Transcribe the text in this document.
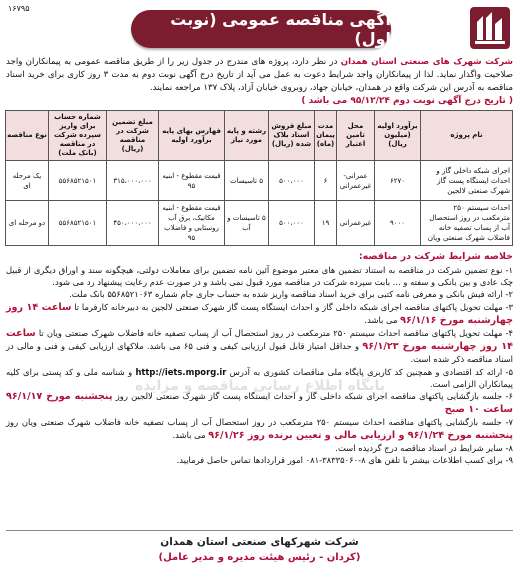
۱۶۷۹۵
آگهی مناقصه عمومی (نوبت اول)

شرکت شهرک های صنعتی استان همدان در نظر دارد، پروژه های مندرج در جدول زیر را از طریق مناقصه عمومی به پیمانکاران واجد صلاحیت واگذار نماید. لذا از پیمانکاران واجد شرایط دعوت به عمل می آید از تاریخ درج آگهی نوبت دوم به مدت ۳ روز کاری برای خرید اسناد مناقصه به آدرس این شرکت واقع در همدان، خیابان جهاد، روبروی خیابان آزاد، پلاک ۱۳۷ مراجعه نمایند.

( تاریخ درج آگهی نوبت دوم ۹۵/۱۲/۲۴ می باشد )
نام پروژه	برآورد اولیه (میلیون ریال)	محل تامین اعتبار	مدت پیمان (ماه)	مبلغ فروش اسناد بلاک شده (ریال)	رشته و پایه مورد نیاز	فهارس بهای پایه برآورد اولیه	مبلغ تضمین شرکت در مناقصه (ریال)	شماره حساب برای واریز سپرده شرکت در مناقصه (بانک ملت)	نوع مناقصه
اجرای شبکه داخلی گاز و احداث ایستگاه پست گاز شهرک صنعتی لالجین	۶۲۷۰	عمرانی-غیرعمرانی	۶	۵۰۰،۰۰۰	۵ تاسیسات	قیمت مقطوع - ابنیه ۹۵	۳۱۵،۰۰۰،۰۰۰	۵۵۶۸۵۲۱۵۰۱	یک مرحله ای
احداث سیستم ۲۵۰ مترمکعب در روز استحصال آب از پساب تصفیه خانه فاضلاب شهرک صنعتی ویان	۹۰۰۰	غیرعمرانی	۱۹	۵۰۰،۰۰۰	۵ تاسیسات و آب	قیمت مقطوع - ابنیه مکانیک، برق آب روستایی و فاضلاب ۹۵	۴۵۰،۰۰۰،۰۰۰	۵۵۶۸۵۲۱۵۰۱	دو مرحله ای
خلاصه شرایط شرکت در مناقصه:

۱- نوع تضمین شرکت در مناقصه به استناد تضمین های معتبر موضوع آئین نامه تضمین برای معاملات دولتی، هیچگونه سند و اوراق دیگری از قبیل چک عادی و بین بانکی و سفته و ... بابت سپرده شرکت در مناقصه مورد قبول نمی باشد و در صورت عدم رعایت پیشنهاد رد می شود.

۲- ارائه فیش بانکی و معرفی نامه کتبی برای خرید اسناد مناقصه واریز شده به حساب جاری جام شماره ۵۵۶۸۵۲۱۰۶۳ بانک ملت.

۳- مهلت تحویل پاکتهای مناقصه اجرای شبکه داخلی گاز و احداث ایستگاه پست گاز شهرک صنعتی لالجین به دبیرخانه کارفرما تا ساعت ۱۴ روز چهارشنبه مورخ ۹۶/۱/۱۶ می باشد.

۴- مهلت تحویل پاکتهای مناقصه احداث سیستم ۲۵۰ مترمکعب در روز استحصال آب از پساب تصفیه خانه فاضلاب شهرک صنعتی ویان تا ساعت ۱۴ روز چهارشنبه مورخ ۹۶/۱/۲۳ و حداقل امتیاز قابل قبول ارزیابی کیفی و فنی ۶۵ می باشد. ملاکهای ارزیابی کیفی و فنی و مالی در اسناد مناقصه ذکر شده است.

۵- ارائه کد اقتصادی و همچنین کد کاربری پایگاه ملی مناقصات کشوری به آدرس http://iets.mporg.ir و شناسه ملی و کد پستی برای کلیه پیمانکاران الزامی است.

۶- جلسه بازگشایی پاکتهای مناقصه اجرای شبکه داخلی گاز و احداث ایستگاه پست گاز شهرک صنعتی لالجین روز پنجشنبه مورخ ۹۶/۱/۱۷ ساعت ۱۰ صبح

۷- جلسه بازگشایی پاکتهای مناقصه احداث سیستم ۲۵۰ مترمکعب در روز استحصال آب از پساب تصفیه خانه فاضلاب شهرک صنعتی ویان روز پنجشنبه مورخ ۹۶/۱/۲۴ و ارزیابی مالی و تعیین برنده روز ۹۶/۱/۲۶ می باشد.

۸- سایر شرایط در اسناد مناقصه درج گردیده است.

۹- برای کسب اطلاعات بیشتر با تلفن های ۸-۳۸۳۳۵۰۶۰-۰۸۱ امور قراردادها تماس حاصل فرمایید.

پایگاه اطلاع رسانی مناقصه و مزایده
شرکت شهرکهای صنعتی استان همدان
(کردان - رئیس هیئت مدیره و مدیر عامل)
